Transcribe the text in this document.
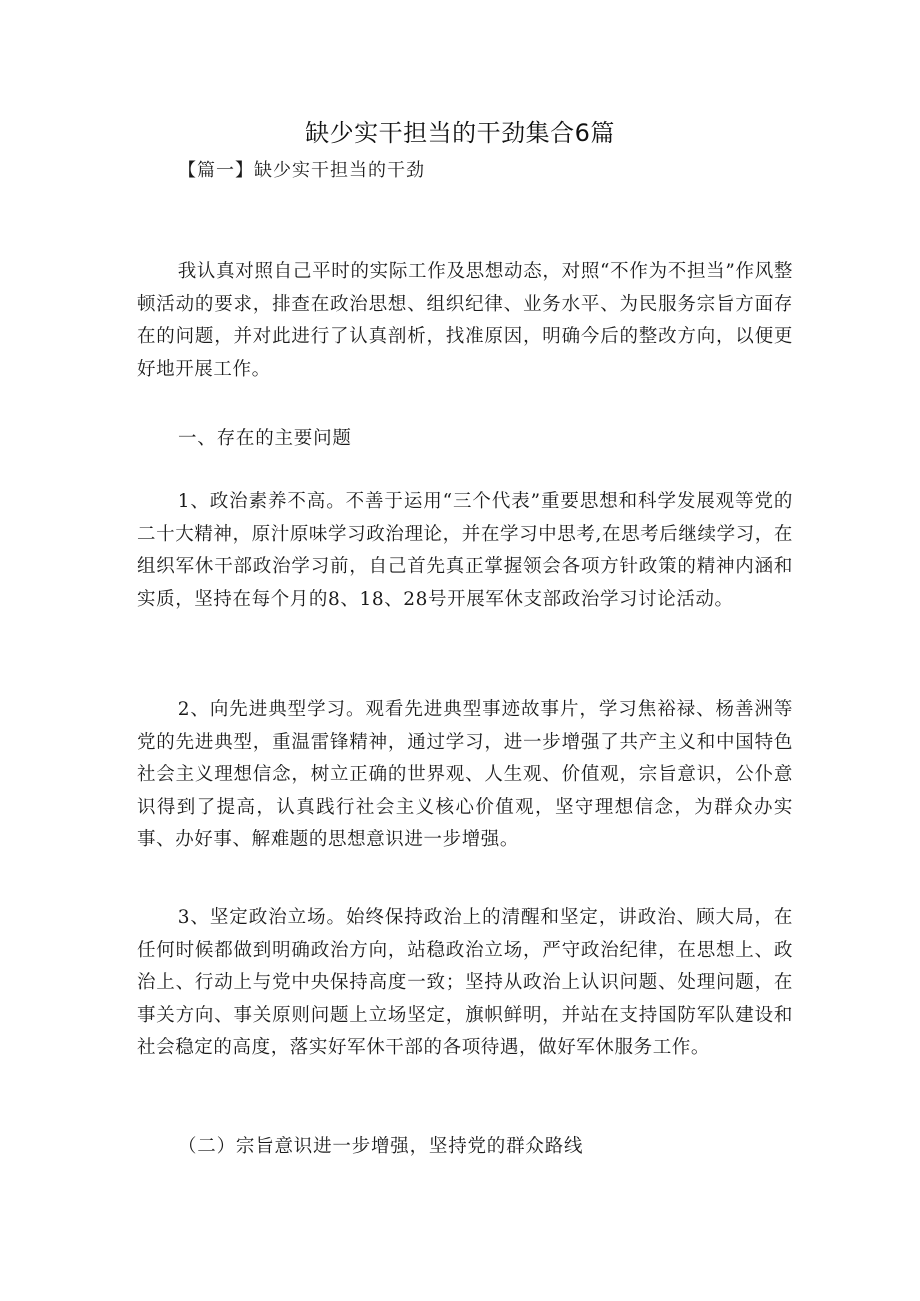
缺少实干担当的干劲集合6篇
【篇一】缺少实干担当的干劲

我认真对照自己平时的实际工作及思想动态，对照“不作为不担当”作风整顿活动的要求，排查在政治思想、组织纪律、业务水平、为民服务宗旨方面存在的问题，并对此进行了认真剖析，找准原因，明确今后的整改方向，以便更好地开展工作。

一、存在的主要问题

1、政治素养不高。不善于运用“三个代表”重要思想和科学发展观等党的二十大精神，原汁原味学习政治理论，并在学习中思考,在思考后继续学习，在组织军休干部政治学习前，自己首先真正掌握领会各项方针政策的精神内涵和实质，坚持在每个月的8、18、28号开展军休支部政治学习讨论活动。

2、向先进典型学习。观看先进典型事迹故事片，学习焦裕禄、杨善洲等党的先进典型，重温雷锋精神，通过学习，进一步增强了共产主义和中国特色社会主义理想信念，树立正确的世界观、人生观、价值观，宗旨意识，公仆意识得到了提高，认真践行社会主义核心价值观，坚守理想信念，为群众办实事、办好事、解难题的思想意识进一步增强。

3、坚定政治立场。始终保持政治上的清醒和坚定，讲政治、顾大局，在任何时候都做到明确政治方向，站稳政治立场，严守政治纪律，在思想上、政治上、行动上与党中央保持高度一致；坚持从政治上认识问题、处理问题，在事关方向、事关原则问题上立场坚定，旗帜鲜明，并站在支持国防军队建设和社会稳定的高度，落实好军休干部的各项待遇，做好军休服务工作。

（二）宗旨意识进一步增强，坚持党的群众路线
